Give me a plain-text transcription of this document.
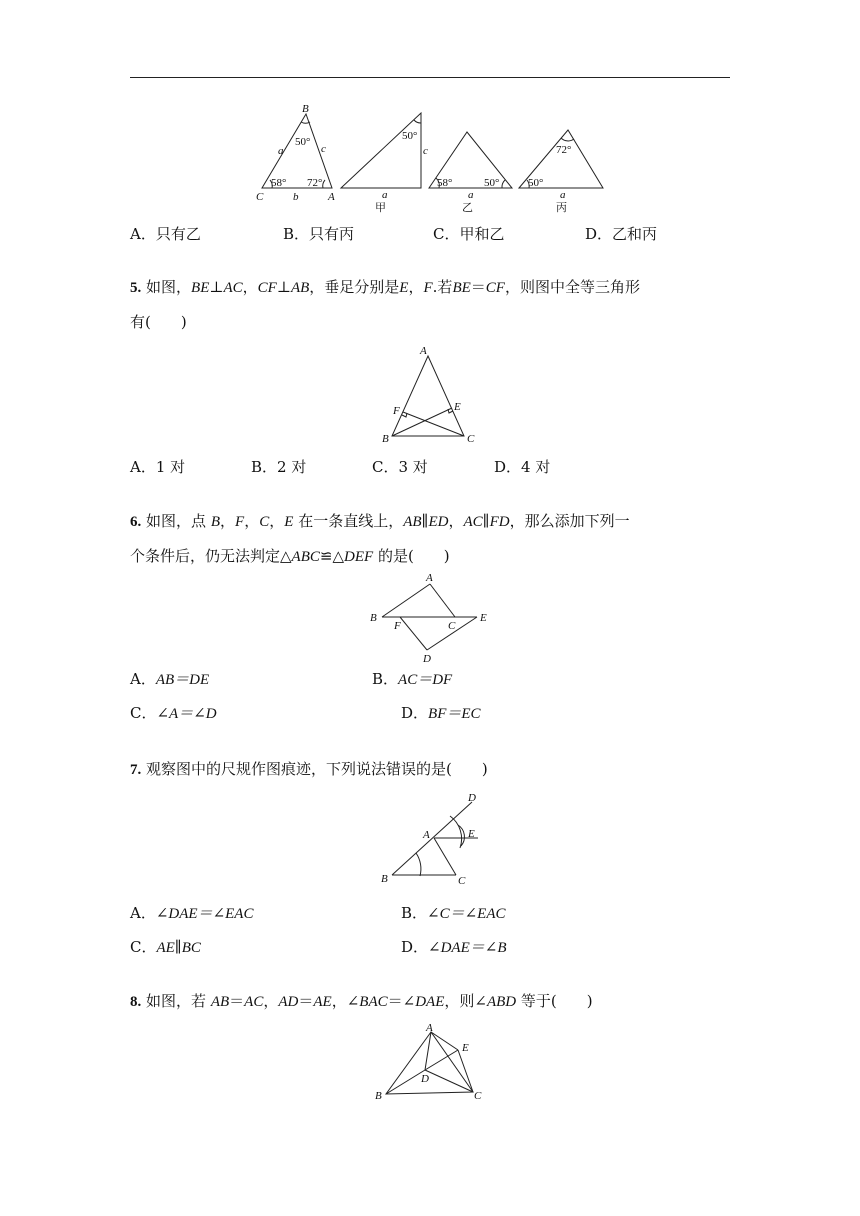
B
C	A
a
b
c
50°
58° 72°
50°
c
a
甲
58°	50°
a
乙
72°
50°
a
丙
A．只有乙	B．只有丙	C．甲和乙	D．乙和丙
5. 如图，BE⊥AC，CF⊥AB，垂足分别是E，F.若BE＝CF，则图中全等三角形
有(　　)
A
F	E
B	C
A．1 对	B．2 对	C．3 对	D．4 对
6. 如图，点 B，F，C，E 在一条直线上，AB∥ED，AC∥FD，那么添加下列一
个条件后，仍无法判定△ABC≌△DEF 的是(　　)
A
B
F	C
E
D
A．AB＝DE	B．AC＝DF
C．∠A＝∠D	D．BF＝EC
7. 观察图中的尺规作图痕迹，下列说法错误的是(　　)
D
A	E
B	C
A．∠DAE＝∠EAC	B．∠C＝∠EAC
C．AE∥BC	D．∠DAE＝∠B
8. 如图，若 AB＝AC，AD＝AE，∠BAC＝∠DAE，则∠ABD 等于(　　)
A
E
D
B	C
